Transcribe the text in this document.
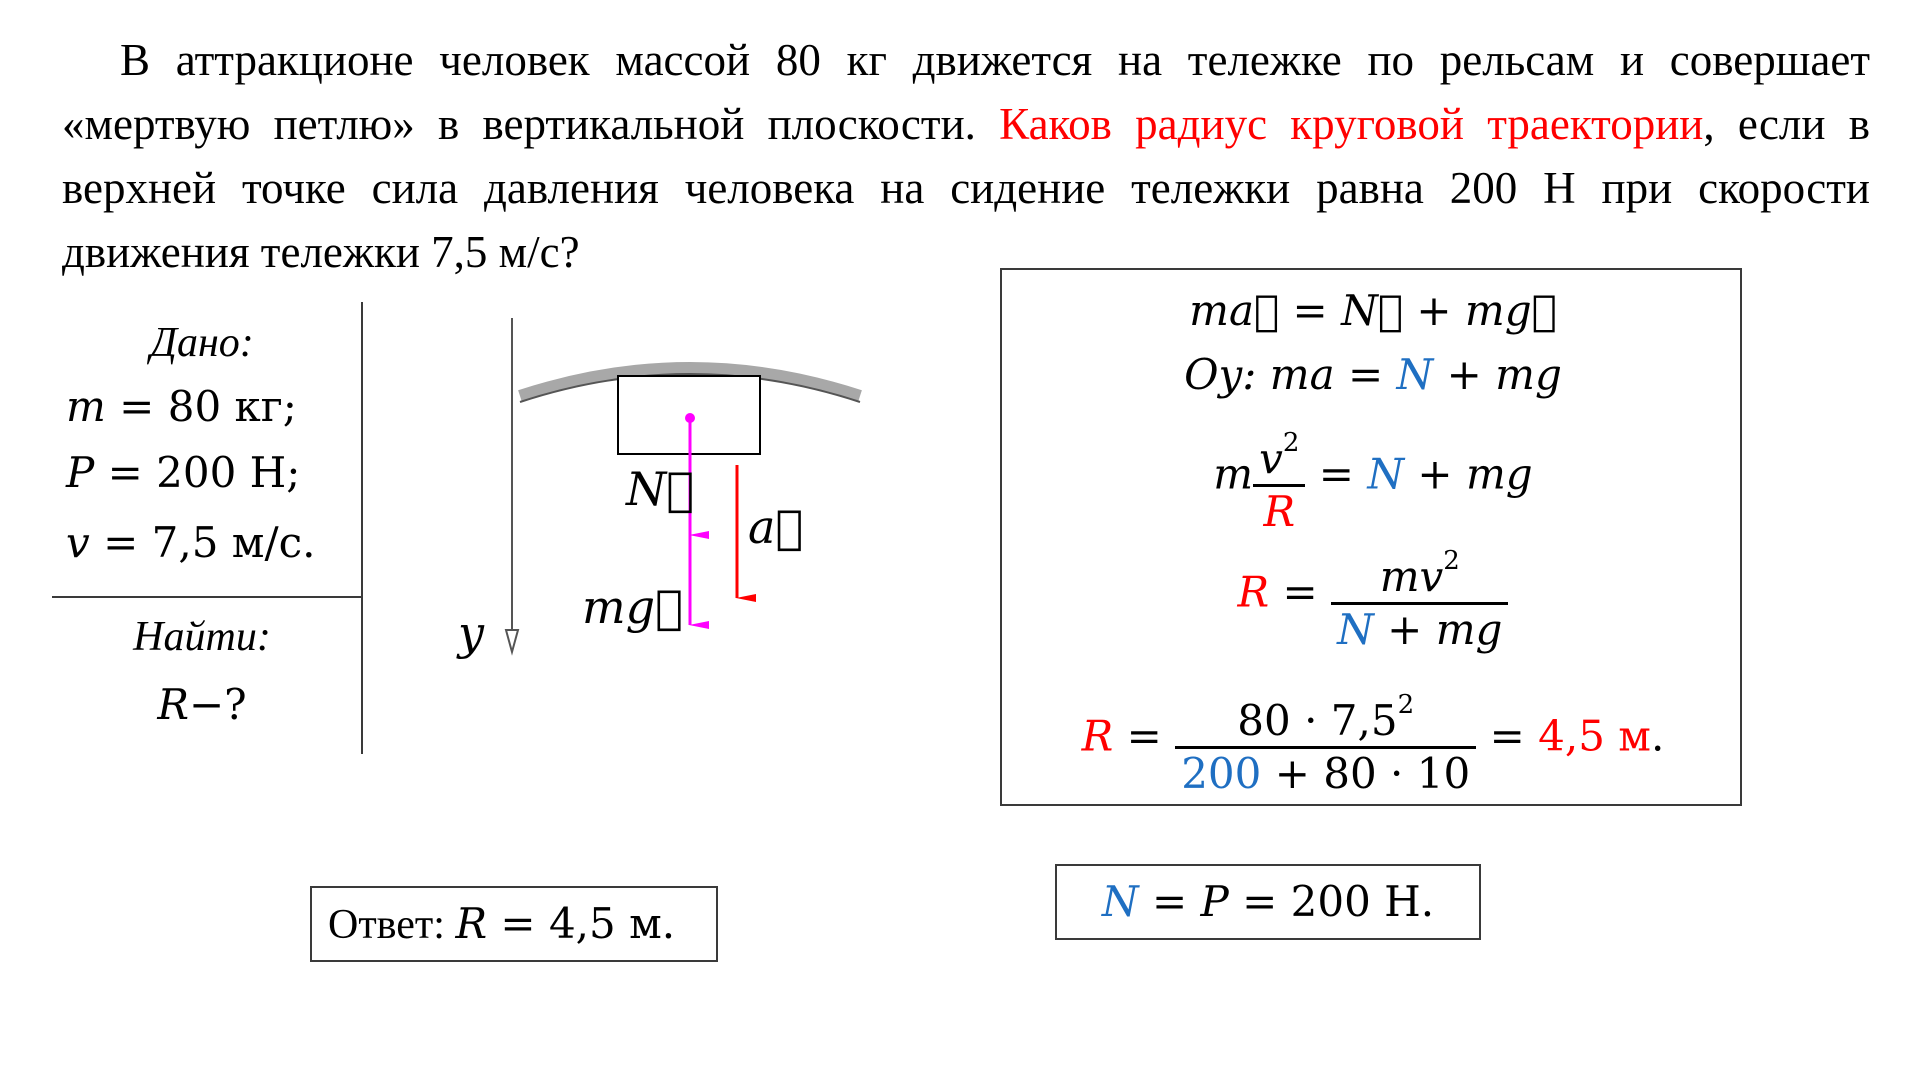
В аттракционе человек массой 80 кг движется на тележке по рельсам и совершает «мертвую петлю» в вертикальной плоскости. Каков радиус круговой траектории, если в верхней точке сила давления человека на сидение тележки равна 200 Н при скорости движения тележки 7,5 м/с?
Дано:
m = 80 кг;
P = 200 Н;
v = 7,5 м/с.
Найти:
R−?
N⃗
a⃗
mg⃗
y
ma⃗ = N⃗ + mg⃗
Oy: ma = N + mg
m $\frac{v^2}{R} = N$ + mg
$R = \frac{mv^2}{N + mg}$
$R = \frac{80 \cdot 7,5^2}{200 + 80 \cdot 10} = 4,5$ м.
Ответ: R = 4,5 м.	N = P = 200 Н.
